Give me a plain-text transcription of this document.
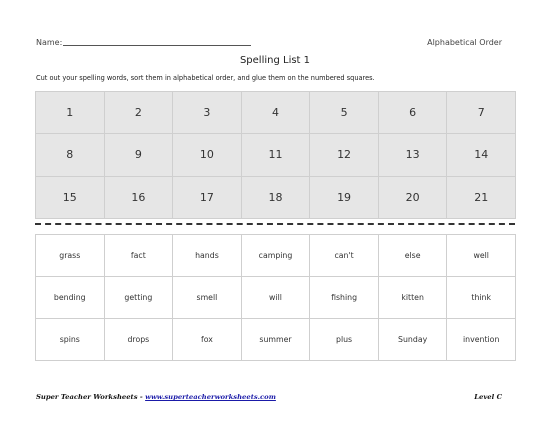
Name:	Alphabetical Order
Spelling List 1
Cut out your spelling words, sort them in alphabetical order, and glue them on the numbered squares.
1	2	3	4	5	6	7
8	9	10	11	12	13	14
15	16	17	18	19	20	21
grass	fact	hands	camping	can't	else	well
bending	getting	smell	will	fishing	kitten	think
spins	drops	fox	summer	plus	Sunday	invention
Super Teacher Worksheets - www.superteacherworksheets.com	Level C
